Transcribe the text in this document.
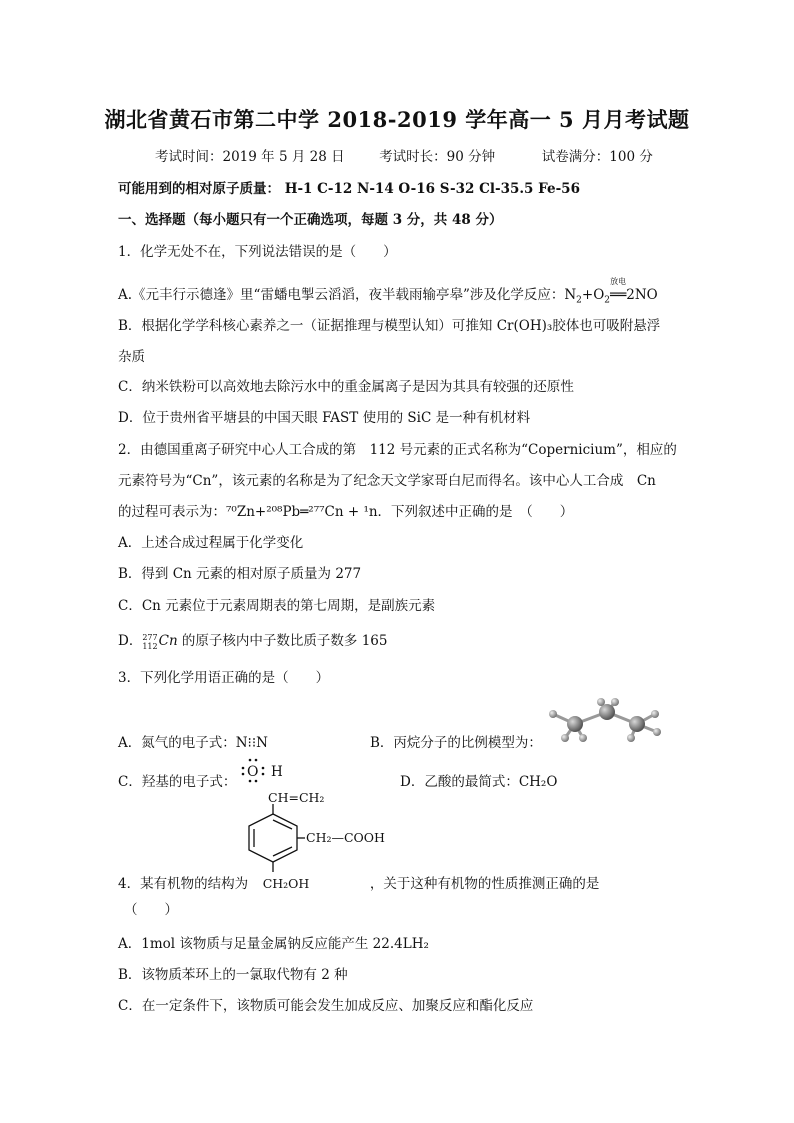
湖北省黄石市第二中学 2018-2019 学年高一 5 月月考试题
考试时间：2019 年 5 月 28 日	考试时长：90 分钟	试卷满分：100 分
可能用到的相对原子质量： H-1 C-12 N-14 O-16 S-32 Cl-35.5 Fe-56
一、选择题（每小题只有一个正确选项，每题 3 分，共 48 分）
1．化学无处不在，下列说法错误的是（　　）
A.《元丰行示德逢》里“雷蟠电掣云滔滔，夜半载雨输亭皋”涉及化学反应：$N_2+O_2$
放电
══2NO
B．根据化学学科核心素养之一（证据推理与模型认知）可推知 Cr(OH)₃胶体也可吸附悬浮
杂质
C．纳米铁粉可以高效地去除污水中的重金属离子是因为其具有较强的还原性
D．位于贵州省平塘县的中国天眼 FAST 使用的 SiC 是一种有机材料
2．由德国重离子研究中心人工合成的第　112 号元素的正式名称为“Copernicium”，相应的
元素符号为“Cn”，该元素的名称是为了纪念天文学家哥白尼而得名。该中心人工合成　Cn
的过程可表示为：⁷⁰Zn+²⁰⁸Pb═²⁷⁷Cn + ¹n．下列叙述中正确的是　（　　）
A．上述合成过程属于化学变化
B．得到 Cn 元素的相对原子质量为 277
C．Cn 元素位于元素周期表的第七周期，是副族元素
D． 277
112 Cn 的原子核内中子数比质子数多 165
3．下列化学用语正确的是（　　）
A．氮气的电子式：N⁝⁝N	B．丙烷分子的比例模型为：
C．羟基的电子式：
O H
D．乙酸的最简式：CH₂O
CH=CH₂
CH₂—COOH
4．某有机物的结构为 CH₂OH	，关于这种有机物的性质推测正确的是
（　　）
A．1mol 该物质与足量金属钠反应能产生 22.4LH₂
B．该物质苯环上的一氯取代物有 2 种
C．在一定条件下，该物质可能会发生加成反应、加聚反应和酯化反应
